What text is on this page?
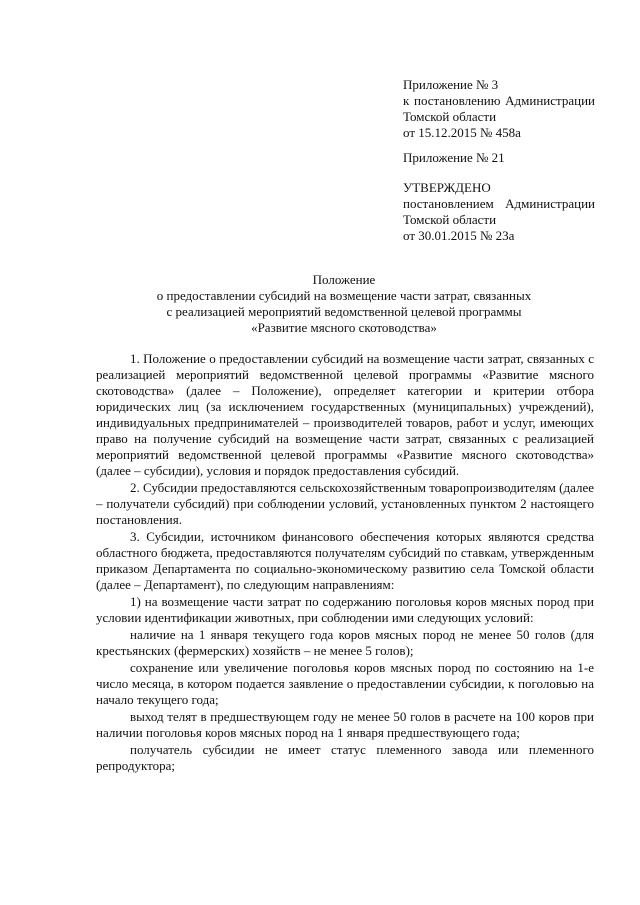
Приложение № 3
к постановлению Администрации
Томской области
от 15.12.2015 № 458а
Приложение № 21
УТВЕРЖДЕНО
постановлением Администрации
Томской области
от 30.01.2015 № 23а
Положение
о предоставлении субсидий на возмещение части затрат, связанных
с реализацией мероприятий ведомственной целевой программы
«Развитие мясного скотоводства»

1. Положение о предоставлении субсидий на возмещение части затрат, связанных с реализацией мероприятий ведомственной целевой программы «Развитие мясного скотоводства» (далее – Положение), определяет категории и критерии отбора юридических лиц (за исключением государственных (муниципальных) учреждений), индивидуальных предпринимателей – производителей товаров, работ и услуг, имеющих право на получение субсидий на возмещение части затрат, связанных с реализацией мероприятий ведомственной целевой программы «Развитие мясного скотоводства» (далее – субсидии), условия и порядок предоставления субсидий.

2. Субсидии предоставляются сельскохозяйственным товаропроизводителям (далее – получатели субсидий) при соблюдении условий, установленных пунктом 2 настоящего постановления.

3. Субсидии, источником финансового обеспечения которых являются средства областного бюджета, предоставляются получателям субсидий по ставкам, утвержденным приказом Департамента по социально-экономическому развитию села Томской области (далее – Департамент), по следующим направлениям:

1) на возмещение части затрат по содержанию поголовья коров мясных пород при условии идентификации животных, при соблюдении ими следующих условий:

наличие на 1 января текущего года коров мясных пород не менее 50 голов (для крестьянских (фермерских) хозяйств – не менее 5 голов);

сохранение или увеличение поголовья коров мясных пород по состоянию на 1-е число месяца, в котором подается заявление о предоставлении субсидии, к поголовью на начало текущего года;

выход телят в предшествующем году не менее 50 голов в расчете на 100 коров при наличии поголовья коров мясных пород на 1 января предшествующего года;

получатель субсидии не имеет статус племенного завода или племенного репродуктора;
